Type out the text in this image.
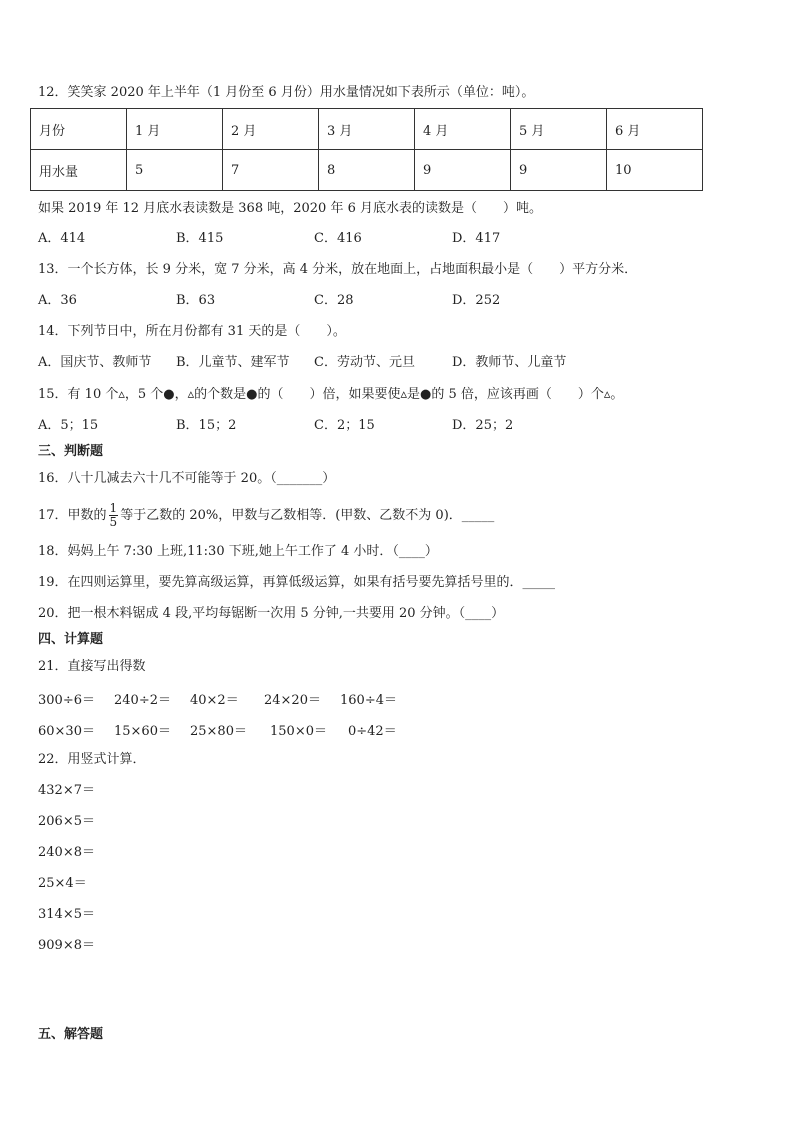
12．笑笑家 2020 年上半年（1 月份至 6 月份）用水量情况如下表所示（单位：吨）。
月份	1 月	2 月	3 月	4 月	5 月	6 月
用水量	5	7	8	9	9	10
如果 2019 年 12 月底水表读数是 368 吨，2020 年 6 月底水表的读数是（　　）吨。
A．414	B．415	C．416	D．417
13．一个长方体，长 9 分米，宽 7 分米，高 4 分米，放在地面上，占地面积最小是（　　）平方分米．
A．36	B．63	C．28	D．252
14．下列节日中，所在月份都有 31 天的是（　　）。
A．国庆节、教师节 B．儿童节、建军节 C．劳动节、元旦	D．教师节、儿童节
15．有 10 个▵，5 个●，▵的个数是●的（　　）倍，如果要使▵是●的 5 倍，应该再画（　　）个▵。
A．5；15	B．15；2	C．2；15	D．25；2
三、判断题
16．八十几减去六十几不可能等于 20。（_______）
17．甲数的 $\frac{1}{5}$ 等于乙数的 20%，甲数与乙数相等．(甲数、乙数不为 0)．_____
18．妈妈上午 7:30 上班,11:30 下班,她上午工作了 4 小时．（____）
19．在四则运算里，要先算高级运算，再算低级运算，如果有括号要先算括号里的．_____
20．把一根木料锯成 4 段,平均每锯断一次用 5 分钟,一共要用 20 分钟。（____）
四、计算题
21．直接写出得数
300÷6＝ 240÷2＝ 40×2＝ 24×20＝ 160÷4＝
60×30＝ 15×60＝ 25×80＝ 150×0＝ 0÷42＝
22．用竖式计算．
432×7＝
206×5＝
240×8＝
25×4＝
314×5＝
909×8＝
五、解答题
